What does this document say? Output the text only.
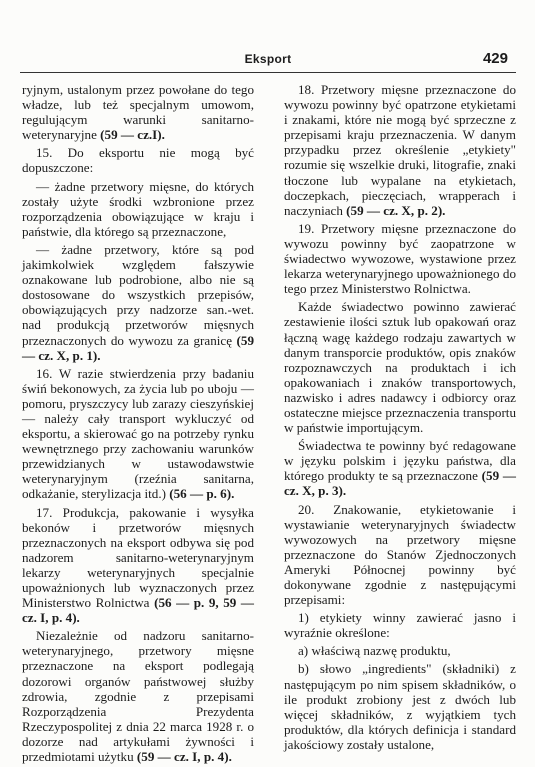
Eksport	429

ryjnym, ustalonym przez powołane do tego władze, lub też specjalnym umowom, regulującym warunki sanitarno-weterynaryjne (59 — cz.I).

15. Do eksportu nie mogą być dopuszczone:

— żadne przetwory mięsne, do których zostały użyte środki wzbronione przez rozporządzenia obowiązujące w kraju i państwie, dla którego są przeznaczone,

— żadne przetwory, które są pod jakimkolwiek względem fałszywie oznakowane lub podrobione, albo nie są dostosowane do wszystkich przepisów, obowiązujących przy nadzorze san.-wet. nad produkcją przetworów mięsnych przeznaczonych do wywozu za granicę (59 — cz. X, p. 1).

16. W razie stwierdzenia przy badaniu świń bekonowych, za życia lub po uboju — pomoru, pryszczycy lub zarazy cieszyńskiej — należy cały transport wykluczyć od eksportu, a skierować go na potrzeby rynku wewnętrznego przy zachowaniu warunków przewidzianych w ustawodawstwie weterynaryjnym (rzeźnia sanitarna, odkażanie, sterylizacja itd.) (56 — p. 6).

17. Produkcja, pakowanie i wysyłka bekonów i przetworów mięsnych przeznaczonych na eksport odbywa się pod nadzorem sanitarno-weterynaryjnym lekarzy weterynaryjnych specjalnie upoważnionych lub wyznaczonych przez Ministerstwo Rolnictwa (56 — p. 9, 59 — cz. I, p. 4).

Niezależnie od nadzoru sanitarno-weterynaryjnego, przetwory mięsne przeznaczone na eksport podlegają dozorowi organów państwowej służby zdrowia, zgodnie z przepisami Rozporządzenia Prezydenta Rzeczypospolitej z dnia 22 marca 1928 r. o dozorze nad artykułami żywności i przedmiotami użytku (59 — cz. I, p. 4).

18. Przetwory mięsne przeznaczone do wywozu powinny być opatrzone etykietami i znakami, które nie mogą być sprzeczne z przepisami kraju przeznaczenia. W danym przypadku przez określenie „etykiety" rozumie się wszelkie druki, litografie, znaki tłoczone lub wypalane na etykietach, doczepkach, pieczęciach, wrapperach i naczyniach (59 — cz. X, p. 2).

19. Przetwory mięsne przeznaczone do wywozu powinny być zaopatrzone w świadectwo wywozowe, wystawione przez lekarza weterynaryjnego upoważnionego do tego przez Ministerstwo Rolnictwa.

Każde świadectwo powinno zawierać zestawienie ilości sztuk lub opakowań oraz łączną wagę każdego rodzaju zawartych w danym transporcie produktów, opis znaków rozpoznawczych na produktach i ich opakowaniach i znaków transportowych, nazwisko i adres nadawcy i odbiorcy oraz ostateczne miejsce przeznaczenia transportu w państwie importującym.

Świadectwa te powinny być redagowane w języku polskim i języku państwa, dla którego produkty te są przeznaczone (59 — cz. X, p. 3).

20. Znakowanie, etykietowanie i wystawianie weterynaryjnych świadectw wywozowych na przetwory mięsne przeznaczone do Stanów Zjednoczonych Ameryki Północnej powinny być dokonywane zgodnie z następującymi przepisami:

1) etykiety winny zawierać jasno i wyraźnie określone:

a) właściwą nazwę produktu,

b) słowo „ingredients" (składniki) z następującym po nim spisem składników, o ile produkt zrobiony jest z dwóch lub więcej składników, z wyjątkiem tych produktów, dla których definicja i standard jakościowy zostały ustalone,
